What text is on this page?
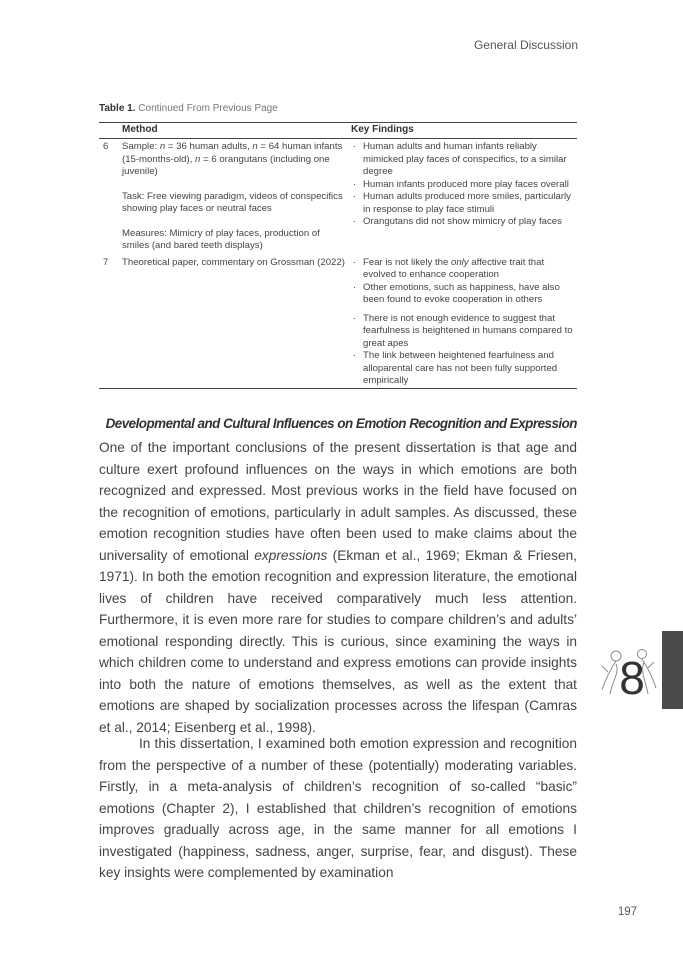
General Discussion
Table 1. Continued From Previous Page
Method	Key Findings
6	Sample: n = 36 human adults, n = 64 human infants (15-months-old), n = 6 orangutans (including one juvenile)

Task: Free viewing paradigm, videos of conspecifics showing play faces or neutral faces

Measures: Mimicry of play faces, production of smiles (and bared teeth displays)

· Human adults and human infants reliably mimicked play faces of conspecifics, to a similar degree
· Human infants produced more play faces overall
· Human adults produced more smiles, particularly in response to play face stimuli
· Orangutans did not show mimicry of play faces
7	Theoretical paper, commentary on Grossman (2022)

·	Fear is not likely the only affective trait that evolved to enhance cooperation
· Other emotions, such as happiness, have also been found to evoke cooperation in others
· There is not enough evidence to suggest that fearfulness is heightened in humans compared to great apes
· The link between heightened fearfulness and alloparental care has not been fully supported empirically
Developmental and Cultural Influences on Emotion Recognition and Expression

One of the important conclusions of the present dissertation is that age and culture exert profound influences on the ways in which emotions are both recognized and expressed. Most previous works in the field have focused on the recognition of emotions, particularly in adult samples. As discussed, these emotion recognition studies have often been used to make claims about the universality of emotional expressions (Ekman et al., 1969; Ekman & Friesen, 1971). In both the emotion recognition and expression literature, the emotional lives of children have received comparatively much less attention. Furthermore, it is even more rare for studies to compare children’s and adults’ emotional responding directly. This is curious, since examining the ways in which children come to understand and express emotions can provide insights into both the nature of emotions themselves, as well as the extent that emotions are shaped by socialization processes across the lifespan (Camras et al., 2014; Eisenberg et al., 1998).

In this dissertation, I examined both emotion expression and recognition from the perspective of a number of these (potentially) moderating variables. Firstly, in a meta-analysis of children’s recognition of so-called “basic” emotions (Chapter 2), I established that children’s recognition of emotions improves gradually across age, in the same manner for all emotions I investigated (happiness, sadness, anger, surprise, fear, and disgust). These key insights were complemented by examination

8
197
